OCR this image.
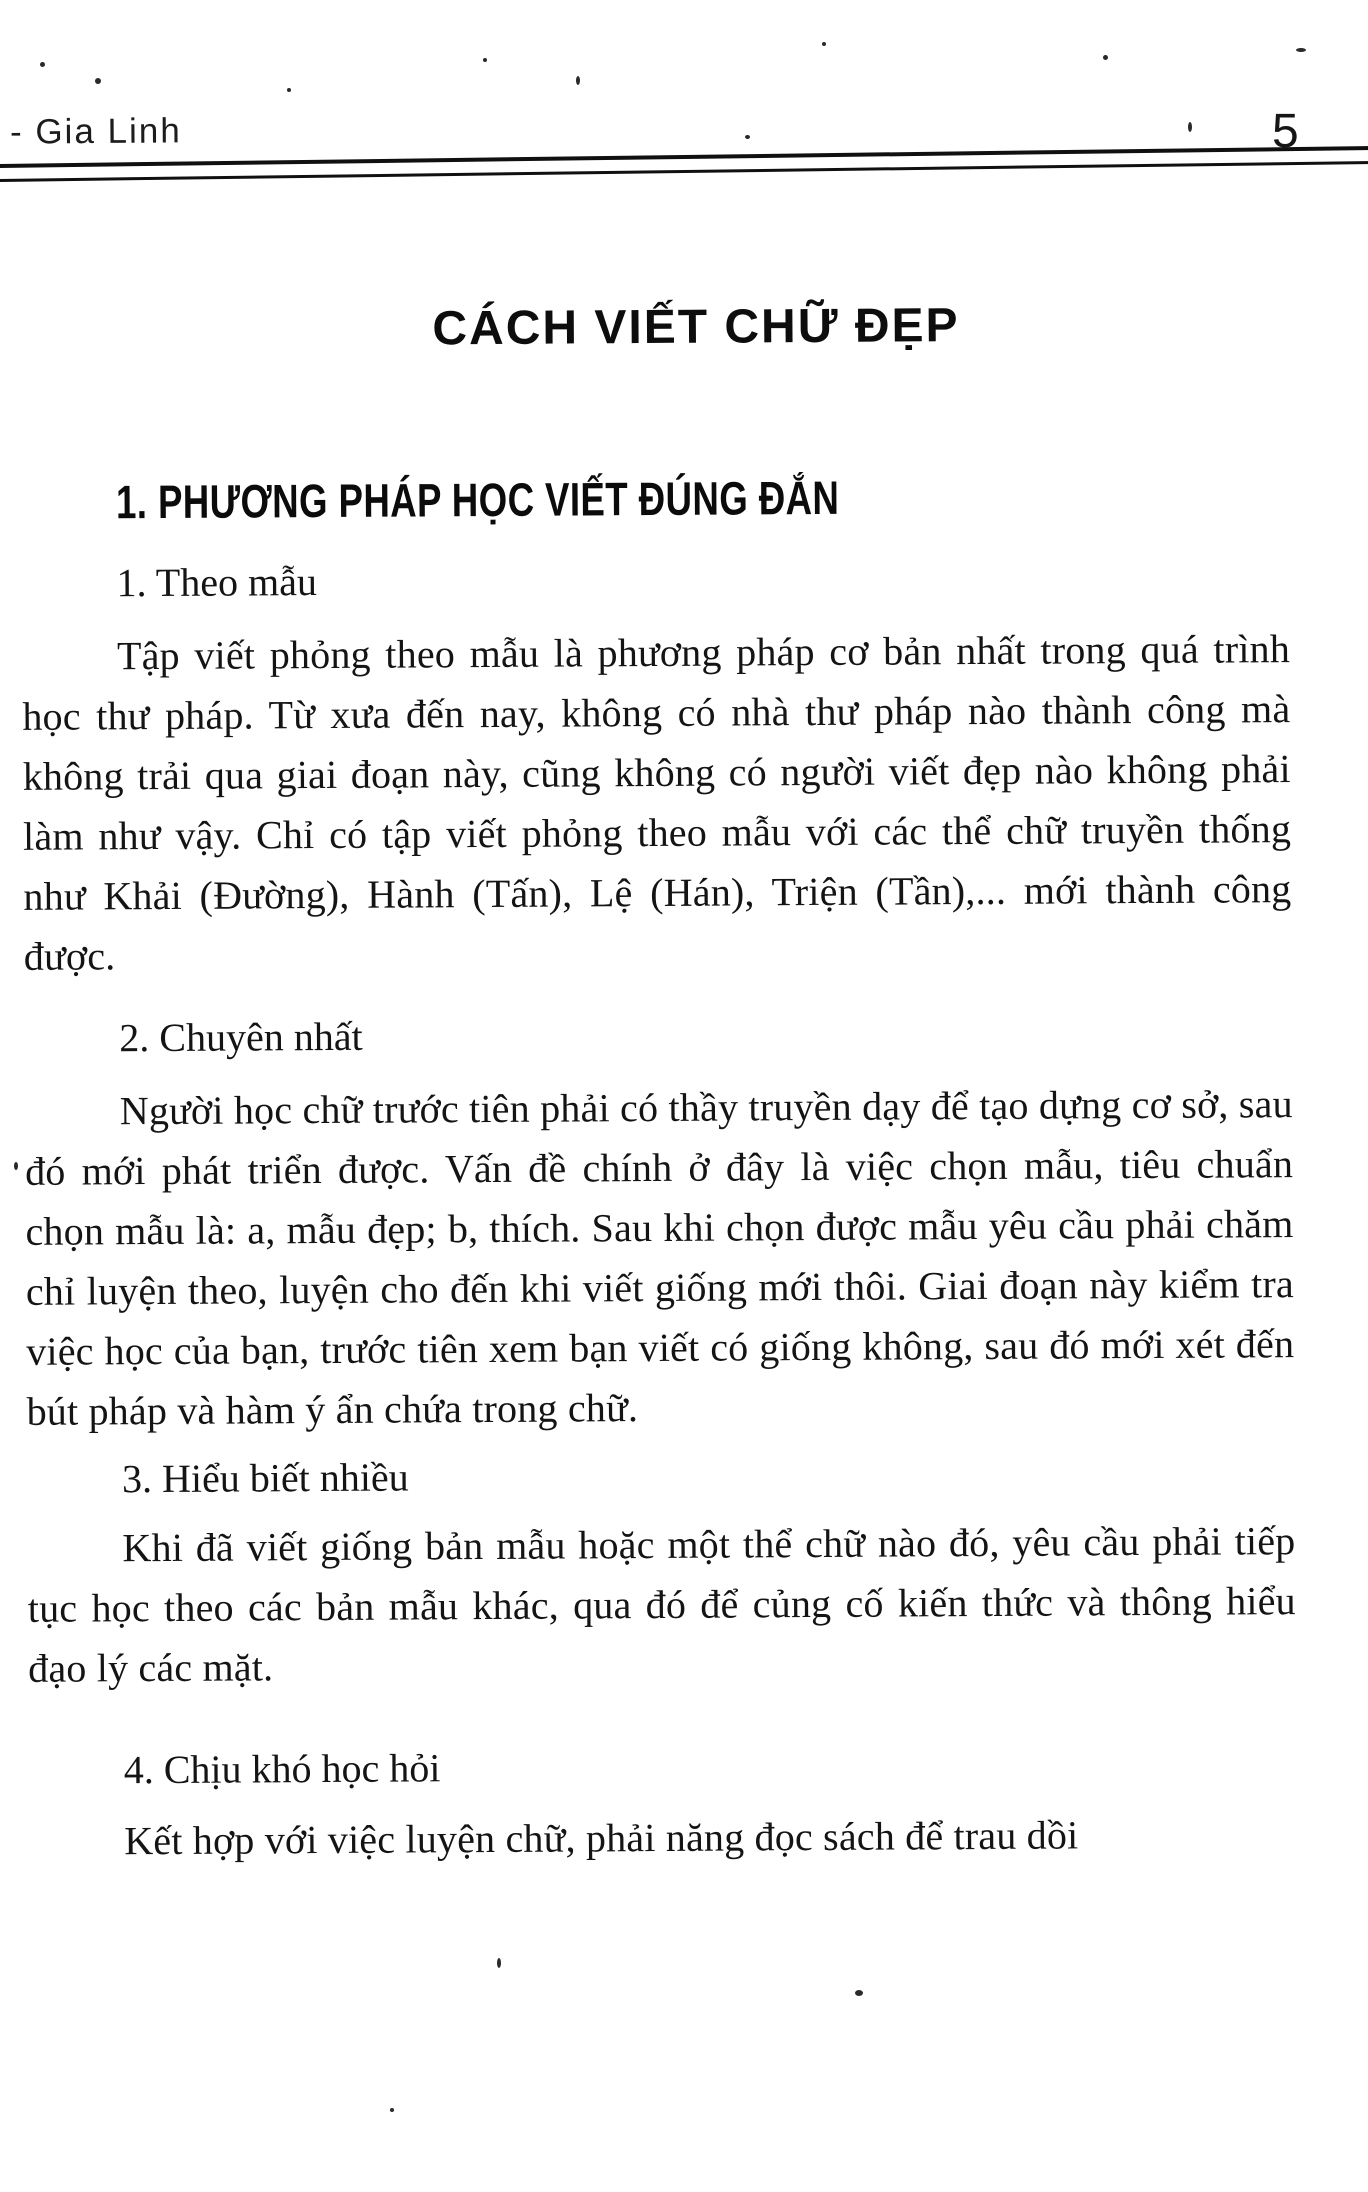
- Gia Linh	5
CÁCH VIẾT CHỮ ĐẸP
1. PHƯƠNG PHÁP HỌC VIẾT ĐÚNG ĐẮN
1. Theo mẫu

Tập viết phỏng theo mẫu là phương pháp cơ bản nhất trong quá trình học thư pháp. Từ xưa đến nay, không có nhà thư pháp nào thành công mà không trải qua giai đoạn này, cũng không có người viết đẹp nào không phải làm như vậy. Chỉ có tập viết phỏng theo mẫu với các thể chữ truyền thống như Khải (Đường), Hành (Tấn), Lệ (Hán), Triện (Tần),... mới thành công được.

2. Chuyên nhất

Người học chữ trước tiên phải có thầy truyền dạy để tạo dựng cơ sở, sau đó mới phát triển được. Vấn đề chính ở đây là việc chọn mẫu, tiêu chuẩn chọn mẫu là: a, mẫu đẹp; b, thích. Sau khi chọn được mẫu yêu cầu phải chăm chỉ luyện theo, luyện cho đến khi viết giống mới thôi. Giai đoạn này kiểm tra việc học của bạn, trước tiên xem bạn viết có giống không, sau đó mới xét đến bút pháp và hàm ý ẩn chứa trong chữ.

3. Hiểu biết nhiều

Khi đã viết giống bản mẫu hoặc một thể chữ nào đó, yêu cầu phải tiếp tục học theo các bản mẫu khác, qua đó để củng cố kiến thức và thông hiểu đạo lý các mặt.

4. Chịu khó học hỏi

Kết hợp với việc luyện chữ, phải năng đọc sách để trau dồi
